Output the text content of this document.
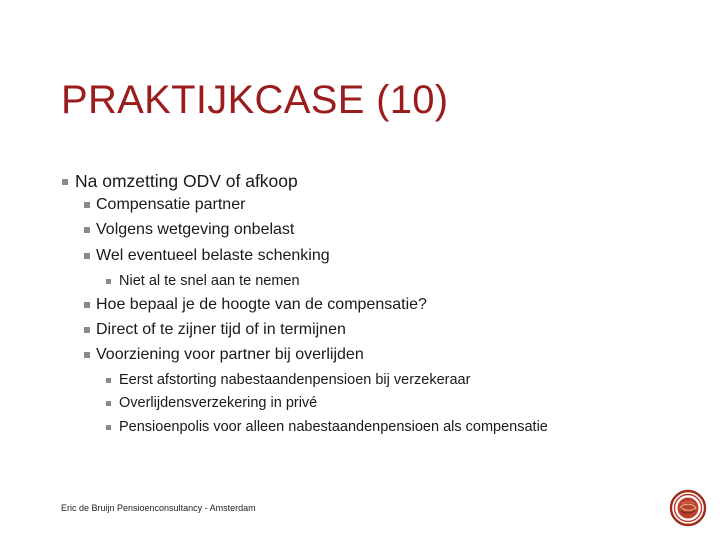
PRAKTIJKCASE (10)
Na omzetting ODV of afkoop
Compensatie partner
Volgens wetgeving onbelast
Wel eventueel belaste schenking
Niet al te snel aan te nemen
Hoe bepaal je de hoogte van de compensatie?
Direct of te zijner tijd of in termijnen
Voorziening voor partner bij overlijden
Eerst afstorting nabestaandenpensioen bij verzekeraar
Overlijdensverzekering in privé
Pensioenpolis voor alleen nabestaandenpensioen als compensatie
Eric de Bruijn Pensioenconsultancy - Amsterdam
